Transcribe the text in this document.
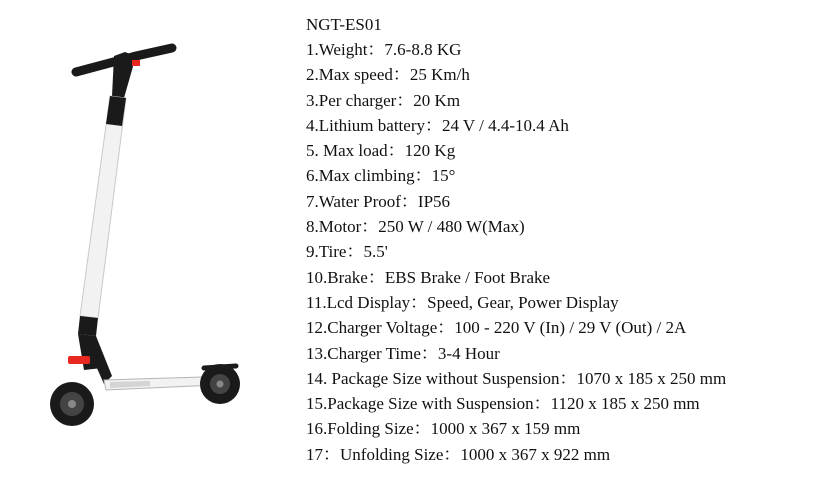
NGT-ES01
1.Weight：7.6-8.8 KG
2.Max speed：25 Km/h
3.Per charger：20 Km
4.Lithium battery：24 V / 4.4-10.4 Ah
5. Max load：120 Kg
6.Max climbing：15°
7.Water Proof：IP56
8.Motor：250 W / 480 W(Max)
9.Tire：5.5'
10.Brake：EBS Brake / Foot Brake
11.Lcd Display：Speed, Gear, Power Display
12.Charger Voltage：100 - 220 V (In) / 29 V (Out) / 2A
13.Charger Time：3-4 Hour
14. Package Size without Suspension：1070 x 185 x 250 mm
15.Package Size with Suspension：1120 x 185 x 250 mm
16.Folding Size：1000 x 367 x 159 mm
17：Unfolding Size：1000 x 367 x 922 mm
